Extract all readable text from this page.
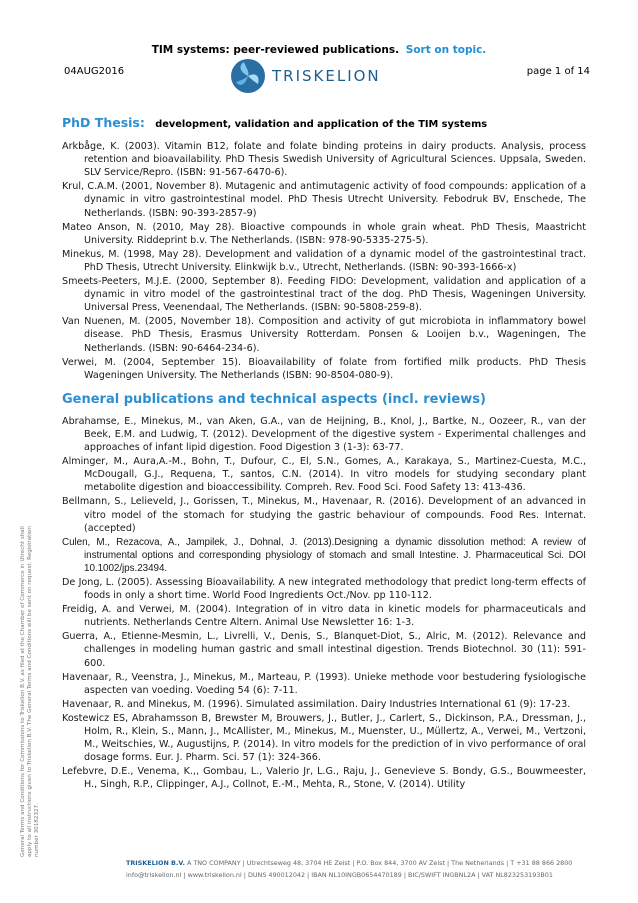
TIM systems: peer-reviewed publications. Sort on topic.
04AUG2016	page 1 of 14
TRISKELION
PhD Thesis: development, validation and application of the TIM systems

Arkbåge, K. (2003). Vitamin B12, folate and folate binding proteins in dairy products. Analysis, process retention and bioavailability. PhD Thesis Swedish University of Agricultural Sciences. Uppsala, Sweden. SLV Service/Repro. (ISBN: 91-567-6470-6).

Krul, C.A.M. (2001, November 8). Mutagenic and antimutagenic activity of food compounds: application of a dynamic in vitro gastrointestinal model. PhD Thesis Utrecht University. Febodruk BV, Enschede, The Netherlands. (ISBN: 90-393-2857-9)

Mateo Anson, N. (2010, May 28). Bioactive compounds in whole grain wheat. PhD Thesis, Maastricht University. Riddeprint b.v. The Netherlands. (ISBN: 978-90-5335-275-5).

Minekus, M. (1998, May 28). Development and validation of a dynamic model of the gastrointestinal tract. PhD Thesis, Utrecht University. Elinkwijk b.v., Utrecht, Netherlands. (ISBN: 90-393-1666-x)

Smeets-Peeters, M.J.E. (2000, September 8). Feeding FIDO: Development, validation and application of a dynamic in vitro model of the gastrointestinal tract of the dog. PhD Thesis, Wageningen University. Universal Press, Veenendaal, The Netherlands. (ISBN: 90-5808-259-8).

Van Nuenen, M. (2005, November 18). Composition and activity of gut microbiota in inflammatory bowel disease. PhD Thesis, Erasmus University Rotterdam. Ponsen & Looijen b.v., Wageningen, The Netherlands. (ISBN: 90-6464-234-6).

Verwei, M. (2004, September 15). Bioavailability of folate from fortified milk products. PhD Thesis Wageningen University. The Netherlands (ISBN: 90-8504-080-9).

General publications and technical aspects (incl. reviews)

Abrahamse, E., Minekus, M., van Aken, G.A., van de Heijning, B., Knol, J., Bartke, N., Oozeer, R., van der Beek, E.M. and Ludwig, T. (2012). Development of the digestive system - Experimental challenges and approaches of infant lipid digestion. Food Digestion 3 (1-3): 63-77.

Alminger, M., Aura,A.-M., Bohn, T., Dufour, C., El, S.N., Gomes, A., Karakaya, S., Martinez-Cuesta, M.C., McDougall, G.J., Requena, T., santos, C.N. (2014). In vitro models for studying secondary plant metabolite digestion and bioaccessibility. Compreh. Rev. Food Sci. Food Safety 13: 413-436.

Bellmann, S., Lelieveld, J., Gorissen, T., Minekus, M., Havenaar, R. (2016). Development of an advanced in vitro model of the stomach for studying the gastric behaviour of compounds. Food Res. Internat. (accepted)

Culen, M., Rezacova, A., Jampilek, J., Dohnal, J. (2013).Designing a dynamic dissolution method: A review of instrumental options and corresponding physiology of stomach and small Intestine. J. Pharmaceutical Sci. DOI 10.1002/jps.23494.

De Jong, L. (2005). Assessing Bioavailability. A new integrated methodology that predict long-term effects of foods in only a short time. World Food Ingredients Oct./Nov. pp 110-112.

Freidig, A. and Verwei, M. (2004). Integration of in vitro data in kinetic models for pharmaceuticals and nutrients. Netherlands Centre Altern. Animal Use Newsletter 16: 1-3.

Guerra, A., Etienne-Mesmin, L., Livrelli, V., Denis, S., Blanquet-Diot, S., Alric, M. (2012). Relevance and challenges in modeling human gastric and small intestinal digestion. Trends Biotechnol. 30 (11): 591-600.

Havenaar, R., Veenstra, J., Minekus, M., Marteau, P. (1993). Unieke methode voor bestudering fysiologische aspecten van voeding. Voeding 54 (6): 7-11.

Havenaar, R. and Minekus, M. (1996). Simulated assimilation. Dairy Industries International 61 (9): 17-23.

Kostewicz ES, Abrahamsson B, Brewster M, Brouwers, J., Butler, J., Carlert, S., Dickinson, P.A., Dressman, J., Holm, R., Klein, S., Mann, J., McAllister, M., Minekus, M., Muenster, U., Müllertz, A., Verwei, M., Vertzoni, M., Weitschies, W., Augustijns, P. (2014). In vitro models for the prediction of in vivo performance of oral dosage forms. Eur. J. Pharm. Sci. 57 (1): 324-366.

Lefebvre, D.E., Venema, K.,, Gombau, L., Valerio Jr, L.G., Raju, J., Genevieve S. Bondy, G.S., Bouwmeester, H., Singh, R.P., Clippinger, A.J., Collnot, E.-M., Mehta, R., Stone, V. (2014). Utility

General Terms and Conditions for Commissions to Triskelion B.V. as filed at the Chamber of Commerce in Utrecht shall apply to all instructions given to Triskelion B.V. The General Terms and Conditions will be sent on request. Registration number 30182327.
TRISKELION B.V. A TNO COMPANY | Utrechtseweg 48, 3704 HE Zeist | P.O. Box 844, 3700 AV Zeist | The Netherlands | T +31 88 866 2800
info@triskelion.nl | www.triskelion.nl | DUNS 490012042 | IBAN NL10INGB0654470189 | BIC/SWIFT INGBNL2A | VAT NL823253193B01
